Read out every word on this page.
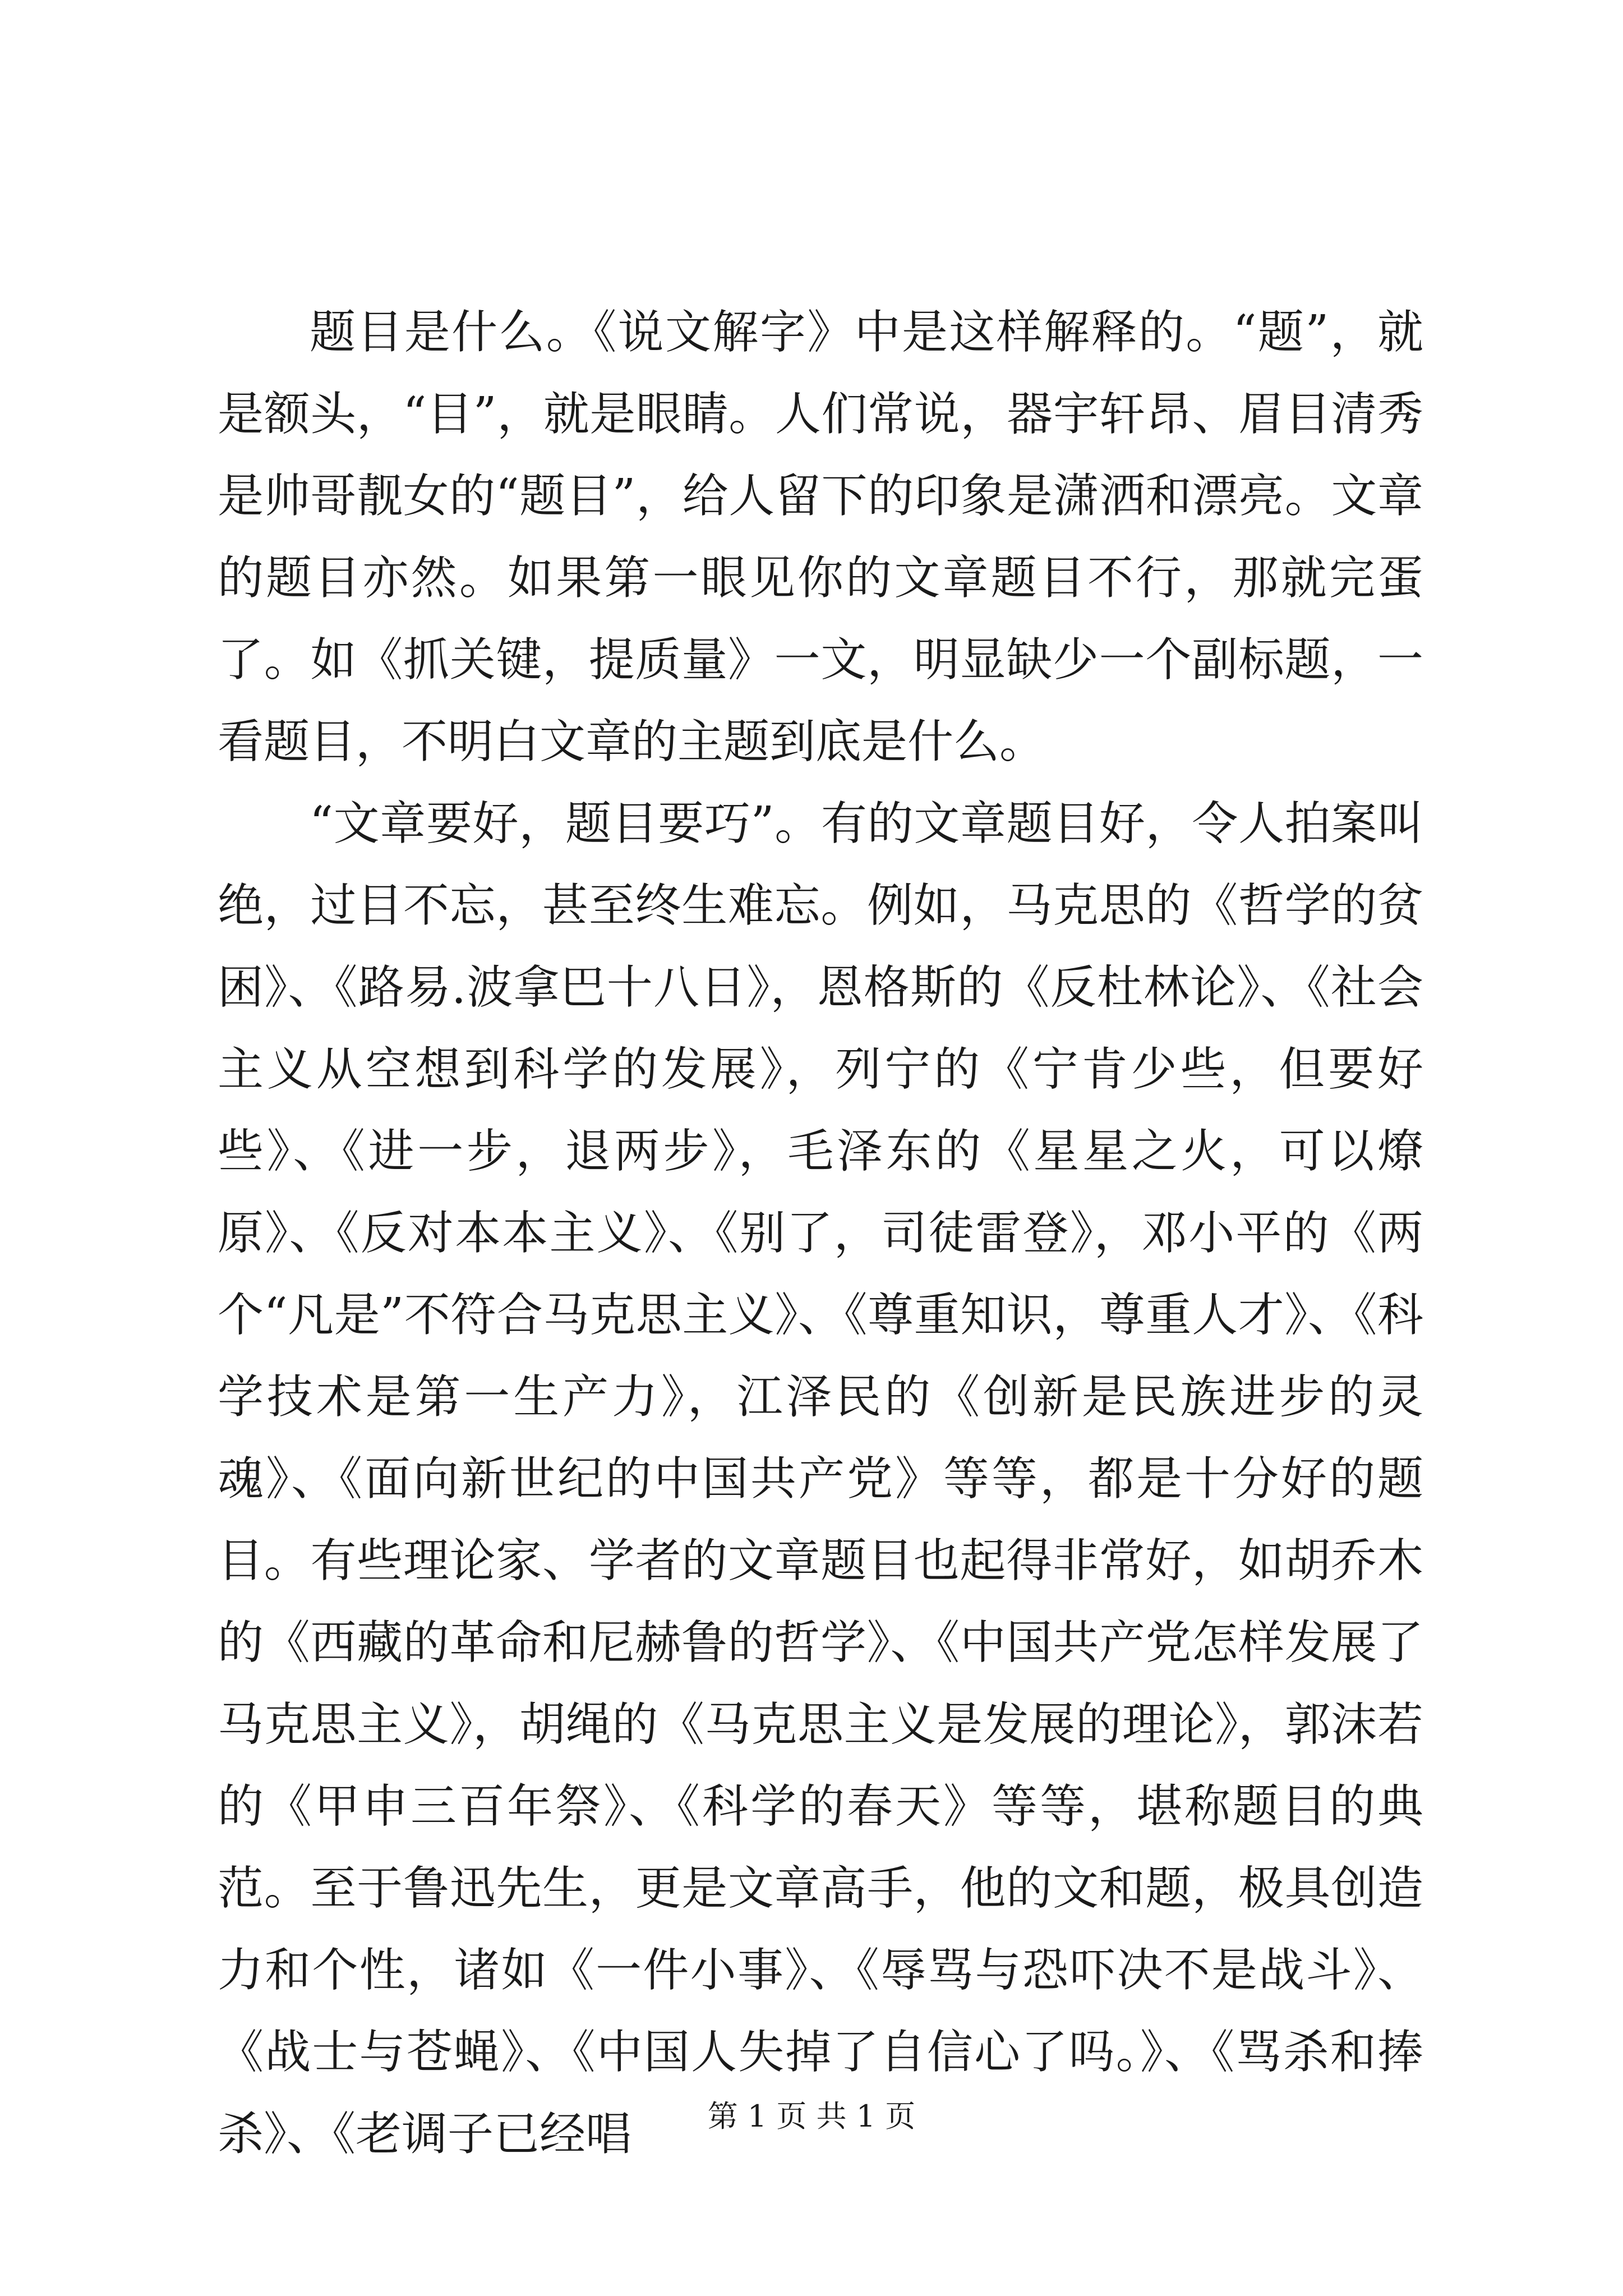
题目是什么。《说文解字》中是这样解释的。“题”，就是额头，“目”，就是眼睛。人们常说，器宇轩昂、眉目清秀是帅哥靓女的“题目”，给人留下的印象是潇洒和漂亮。文章的题目亦然。如果第一眼见你的文章题目不行，那就完蛋了。如《抓关键，提质量》一文，明显缺少一个副标题，一看题目，不明白文章的主题到底是什么。

“文章要好，题目要巧”。有的文章题目好，令人拍案叫绝，过目不忘，甚至终生难忘。例如，马克思的《哲学的贫困》、《路易.波拿巴十八日》，恩格斯的《反杜林论》、《社会主义从空想到科学的发展》，列宁的《宁肯少些，但要好些》、《进一步，退两步》，毛泽东的《星星之火，可以燎原》、《反对本本主义》、《别了，司徒雷登》，邓小平的《两个“凡是”不符合马克思主义》、《尊重知识，尊重人才》、《科学技术是第一生产力》，江泽民的《创新是民族进步的灵魂》、《面向新世纪的中国共产党》等等，都是十分好的题目。有些理论家、学者的文章题目也起得非常好，如胡乔木的《西藏的革命和尼赫鲁的哲学》、《中国共产党怎样发展了马克思主义》，胡绳的《马克思主义是发展的理论》，郭沫若的《甲申三百年祭》、《科学的春天》等等，堪称题目的典范。至于鲁迅先生，更是文章高手，他的文和题，极具创造力和个性，诸如《一件小事》、《辱骂与恐吓决不是战斗》、《战士与苍蝇》、《中国人失掉了自信心了吗。》、《骂杀和捧杀》、《老调子已经唱	第 1 页 共 1 页
